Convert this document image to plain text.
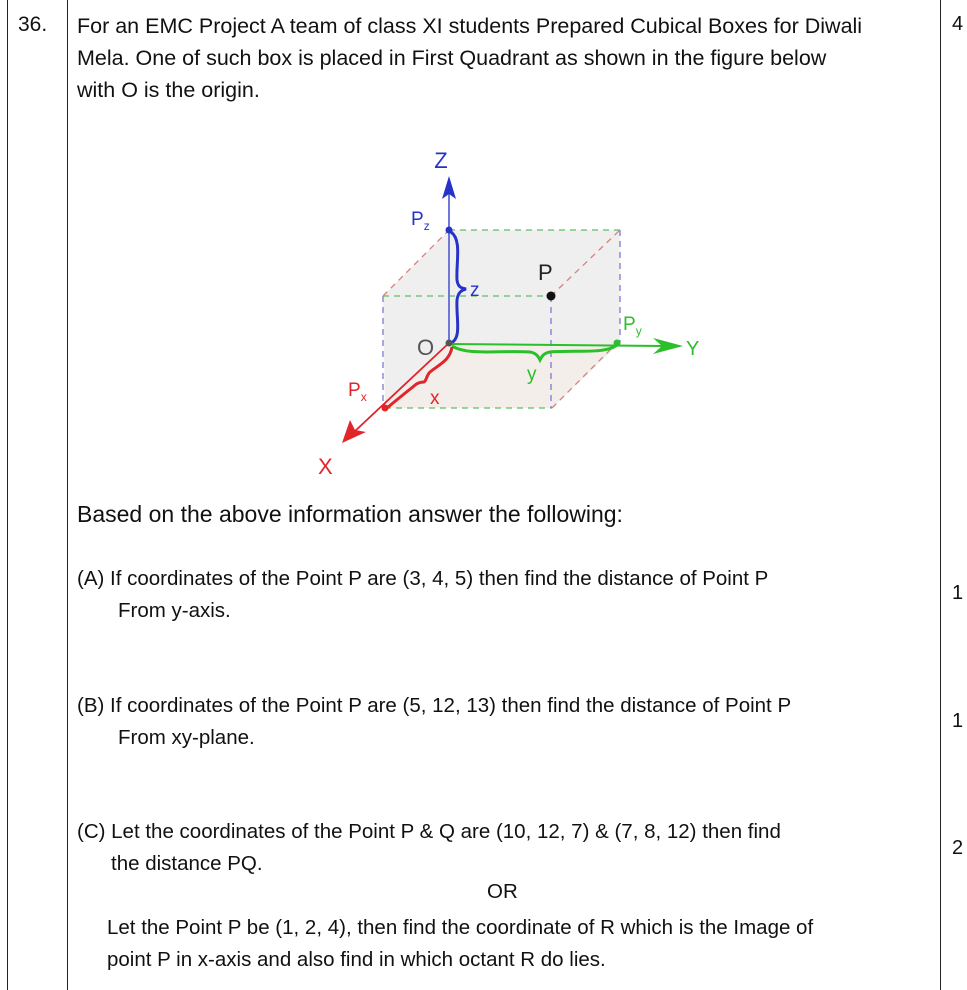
36.	4
For an EMC Project A team of class XI students Prepared Cubical Boxes for Diwali
Mela. One of such box is placed in First Quadrant as shown in the figure below
with O is the origin.
Z
$P_z$
z
Y
$P_y$
y
X
$P_x$	x
O
P
Based on the above information answer the following:
(A) If coordinates of the Point P are (3, 4, 5) then find the distance of Point P
From y-axis.
1
(B) If coordinates of the Point P are (5, 12, 13) then find the distance of Point P
From xy-plane.
1
(C) Let the coordinates of the Point P & Q are (10, 12, 7) & (7, 8, 12) then find
the distance PQ.
2
OR
Let the Point P be (1, 2, 4), then find the coordinate of R which is the Image of
point P in x-axis and also find in which octant R do lies.
